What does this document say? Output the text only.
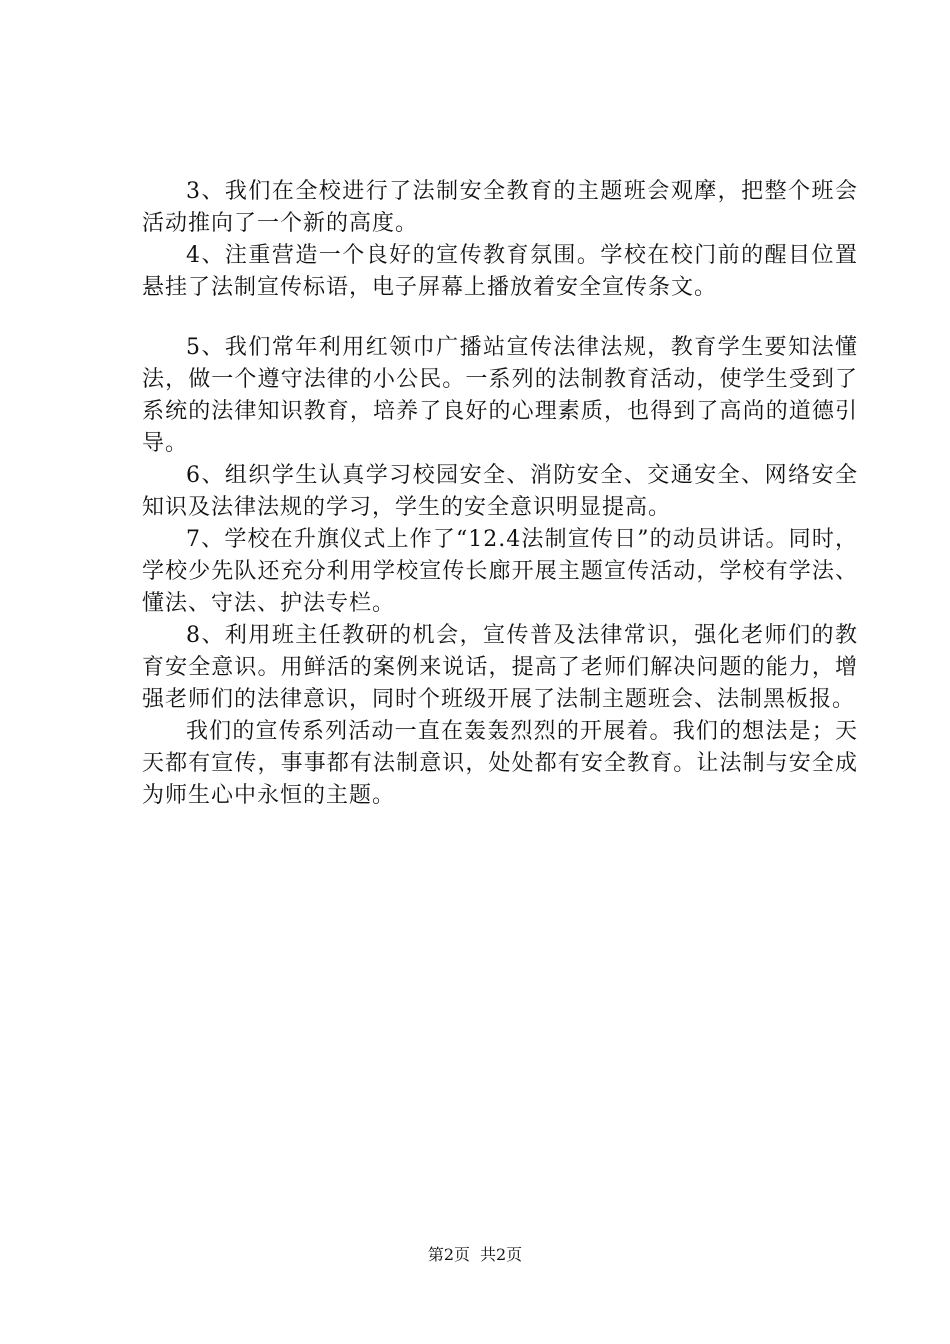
3、我们在全校进行了法制安全教育的主题班会观摩，把整个班会活动推向了一个新的高度。

4、注重营造一个良好的宣传教育氛围。学校在校门前的醒目位置悬挂了法制宣传标语，电子屏幕上播放着安全宣传条文。

5、我们常年利用红领巾广播站宣传法律法规，教育学生要知法懂法，做一个遵守法律的小公民。一系列的法制教育活动，使学生受到了系统的法律知识教育，培养了良好的心理素质，也得到了高尚的道德引导。

6、组织学生认真学习校园安全、消防安全、交通安全、网络安全知识及法律法规的学习，学生的安全意识明显提高。

7、学校在升旗仪式上作了“12.4法制宣传日”的动员讲话。同时，学校少先队还充分利用学校宣传长廊开展主题宣传活动，学校有学法、懂法、守法、护法专栏。

8、利用班主任教研的机会，宣传普及法律常识，强化老师们的教育安全意识。用鲜活的案例来说话，提高了老师们解决问题的能力，增强老师们的法律意识，同时个班级开展了法制主题班会、法制黑板报。

我们的宣传系列活动一直在轰轰烈烈的开展着。我们的想法是；天天都有宣传，事事都有法制意识，处处都有安全教育。让法制与安全成为师生心中永恒的主题。

第2页 共2页
